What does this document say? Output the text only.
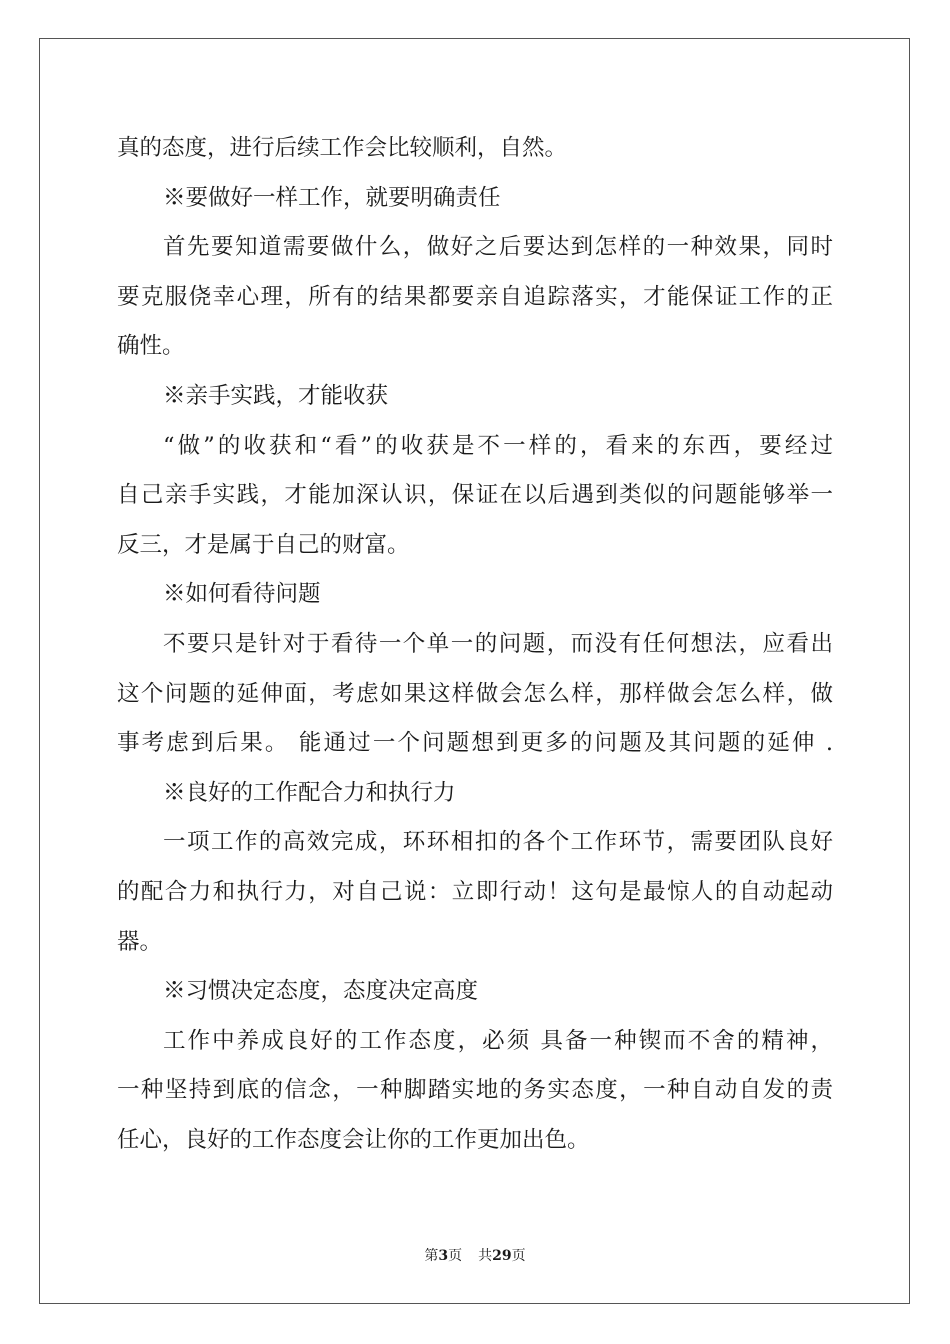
真的态度，进行后续工作会比较顺利，自然。
※要做好一样工作，就要明确责任
首先要知道需要做什么，做好之后要达到怎样的一种效果，同时
要克服侥幸心理，所有的结果都要亲自追踪落实，才能保证工作的正
确性。
※亲手实践，才能收获
“做”的收获和“看”的收获是不一样的，看来的东西，要经过
自己亲手实践，才能加深认识，保证在以后遇到类似的问题能够举一
反三，才是属于自己的财富。
※如何看待问题
不要只是针对于看待一个单一的问题，而没有任何想法，应看出
这个问题的延伸面，考虑如果这样做会怎么样，那样做会怎么样，做
事考虑到后果。 能通过一个问题想到更多的问题及其问题的延伸 .
※良好的工作配合力和执行力
一项工作的高效完成，环环相扣的各个工作环节，需要团队良好
的配合力和执行力，对自己说：立即行动！这句是最惊人的自动起动
器。
※习惯决定态度，态度决定高度
工作中养成良好的工作态度，必须 具备一种锲而不舍的精神，
一种坚持到底的信念，一种脚踏实地的务实态度，一种自动自发的责
任心，良好的工作态度会让你的工作更加出色。
第3页 共29页
